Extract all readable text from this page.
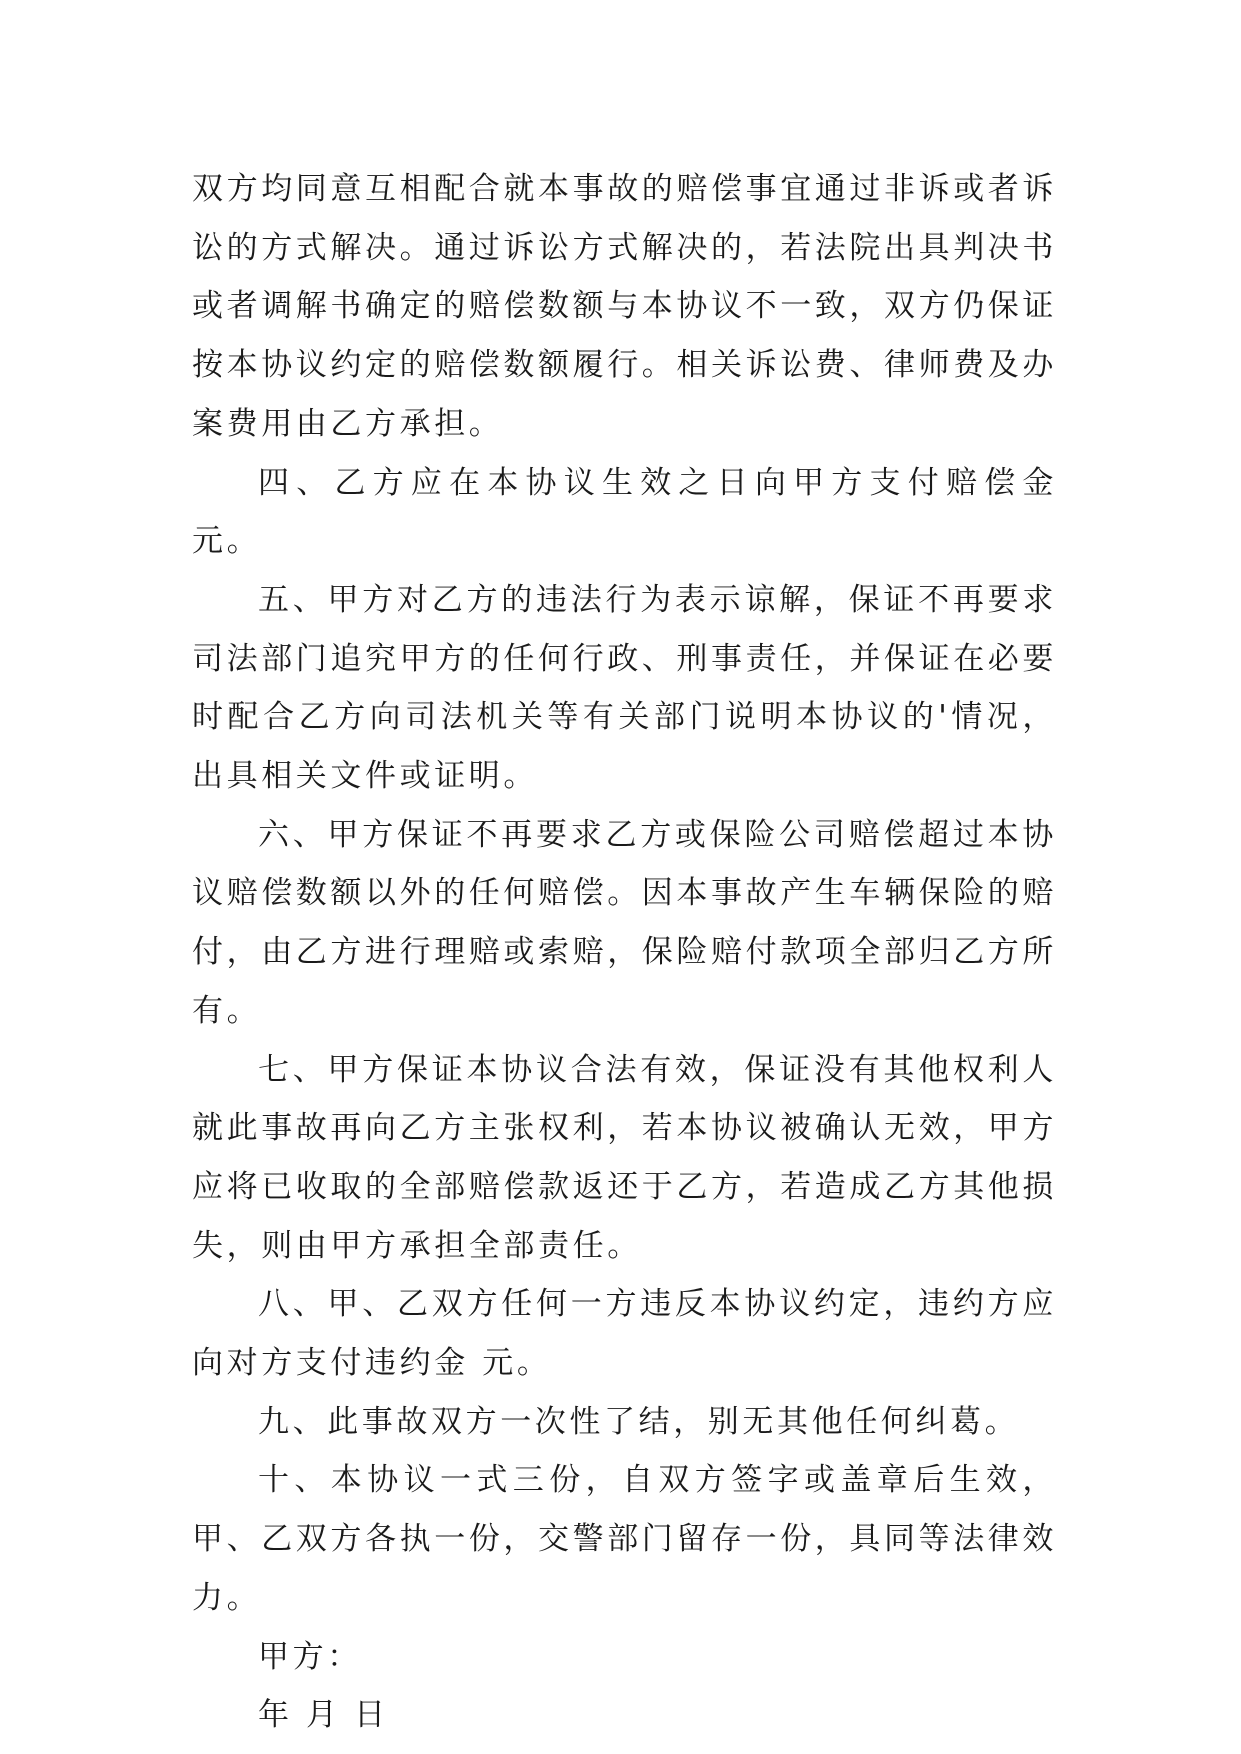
双方均同意互相配合就本事故的赔偿事宜通过非诉或者诉讼的方式解决。通过诉讼方式解决的，若法院出具判决书或者调解书确定的赔偿数额与本协议不一致，双方仍保证按本协议约定的赔偿数额履行。相关诉讼费、律师费及办案费用由乙方承担。

四、乙方应在本协议生效之日向甲方支付赔偿金 元。

五、甲方对乙方的违法行为表示谅解，保证不再要求司法部门追究甲方的任何行政、刑事责任，并保证在必要时配合乙方向司法机关等有关部门说明本协议的'情况，出具相关文件或证明。

六、甲方保证不再要求乙方或保险公司赔偿超过本协议赔偿数额以外的任何赔偿。因本事故产生车辆保险的赔付，由乙方进行理赔或索赔，保险赔付款项全部归乙方所有。

七、甲方保证本协议合法有效，保证没有其他权利人就此事故再向乙方主张权利，若本协议被确认无效，甲方应将已收取的全部赔偿款返还于乙方，若造成乙方其他损失，则由甲方承担全部责任。

八、甲、乙双方任何一方违反本协议约定，违约方应向对方支付违约金 元。

九、此事故双方一次性了结，别无其他任何纠葛。

十、本协议一式三份，自双方签字或盖章后生效，甲、乙双方各执一份，交警部门留存一份，具同等法律效力。

甲方：

年 月 日
